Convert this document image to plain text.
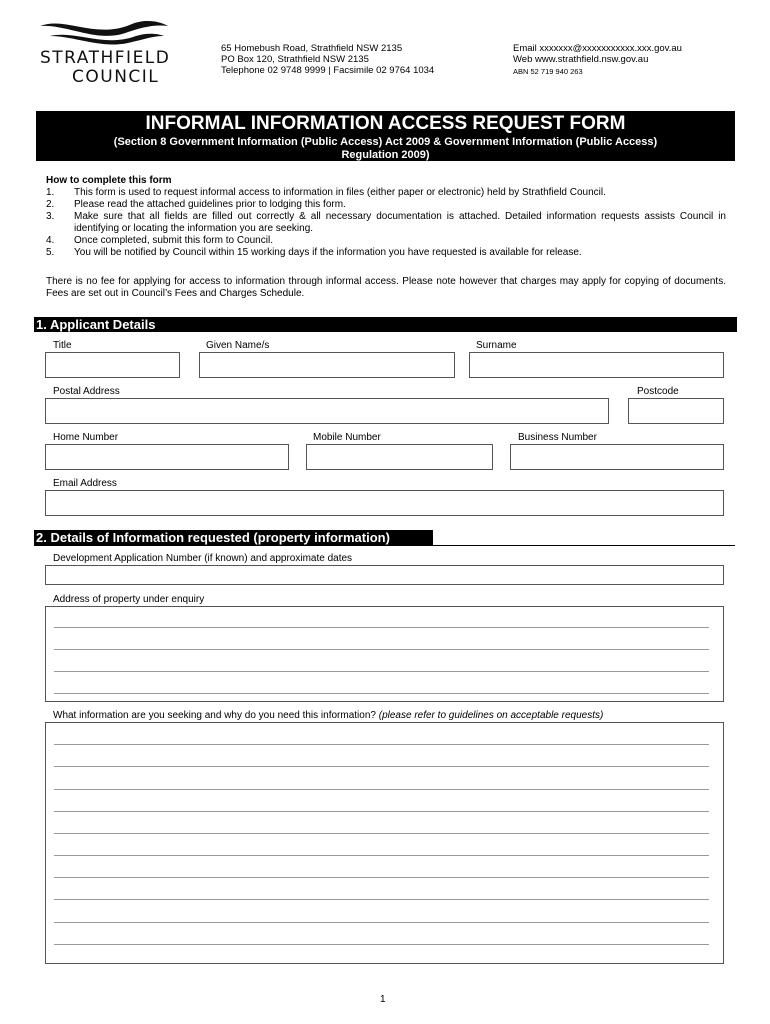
STRATHFIELD
COUNCIL
65 Homebush Road, Strathfield NSW 2135
PO Box 120, Strathfield NSW 2135
Telephone 02 9748 9999 | Facsimile 02 9764 1034
Email xxxxxxx@xxxxxxxxxxx.xxx.gov.au
Web www.strathfield.nsw.gov.au
ABN 52 719 940 263
INFORMAL INFORMATION ACCESS REQUEST FORM
(Section 8 Government Information (Public Access) Act 2009 & Government Information (Public Access)
Regulation 2009)
How to complete this form
1. This form is used to request informal access to information in files (either paper or electronic) held by Strathfield Council.
2. Please read the attached guidelines prior to lodging this form.
3. Make sure that all fields are filled out correctly & all necessary documentation is attached. Detailed information requests assists Council in identifying or locating the information you are seeking.
4. Once completed, submit this form to Council.
5. You will be notified by Council within 15 working days if the information you have requested is available for release.
There is no fee for applying for access to information through informal access. Please note however that charges may apply for copying of documents. Fees are set out in Council’s Fees and Charges Schedule.
1. Applicant Details
Title	Given Name/s	Surname
Postal Address	Postcode
Home Number	Mobile Number	Business Number
Email Address
2. Details of Information requested (property information)
Development Application Number (if known) and approximate dates
Address of property under enquiry
What information are you seeking and why do you need this information? (please refer to guidelines on acceptable requests)
1
